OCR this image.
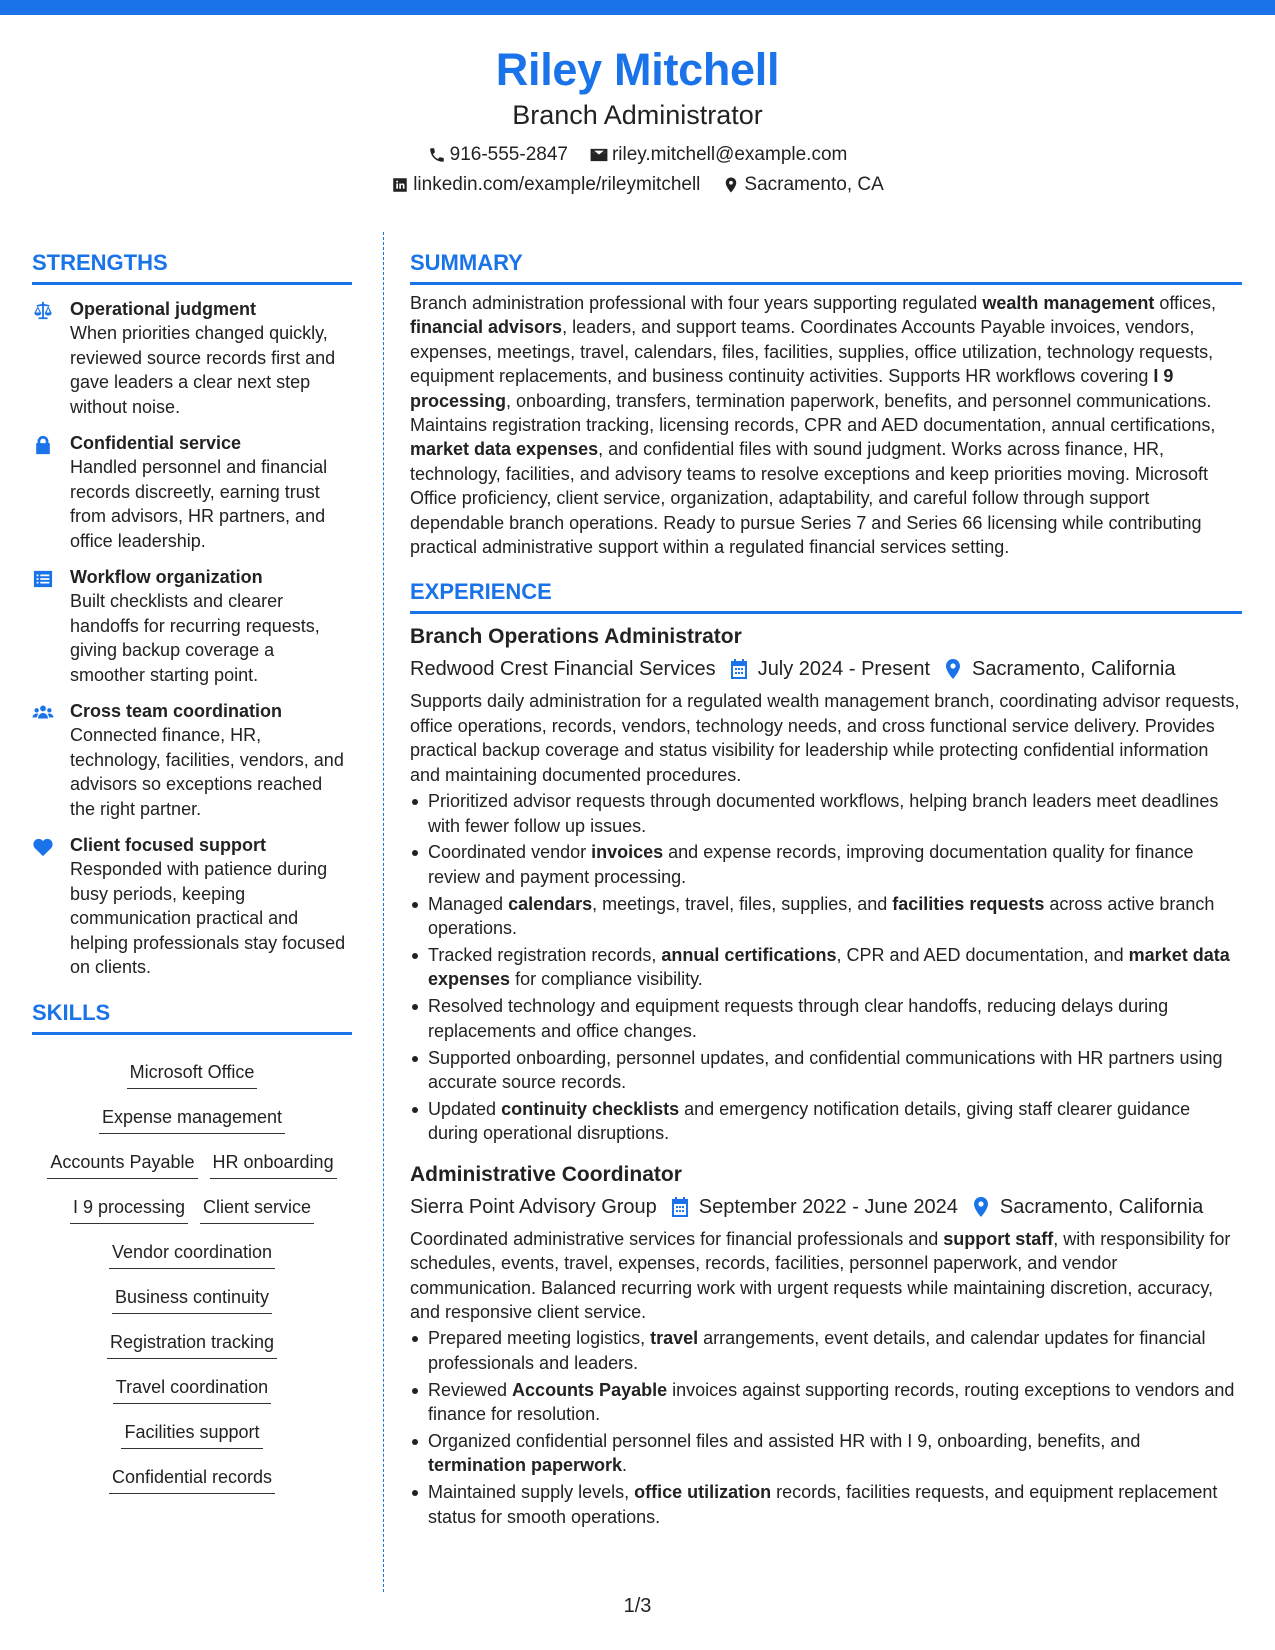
Riley Mitchell
Branch Administrator
916-555-2847 riley.mitchell@example.com
linkedin.com/example/rileymitchell Sacramento, CA
STRENGTHS
Operational judgment
When priorities changed quickly, reviewed source records first and gave leaders a clear next step without noise.
Confidential service
Handled personnel and financial records discreetly, earning trust from advisors, HR partners, and office leadership.
Workflow organization
Built checklists and clearer handoffs for recurring requests, giving backup coverage a smoother starting point.
Cross team coordination
Connected finance, HR, technology, facilities, vendors, and advisors so exceptions reached the right partner.
Client focused support
Responded with patience during busy periods, keeping communication practical and helping professionals stay focused on clients.
SKILLS
Microsoft Office
Expense management
Accounts Payable HR onboarding
I 9 processing Client service
Vendor coordination
Business continuity
Registration tracking
Travel coordination
Facilities support
Confidential records
SUMMARY

Branch administration professional with four years supporting regulated wealth management offices, financial advisors, leaders, and support teams. Coordinates Accounts Payable invoices, vendors, expenses, meetings, travel, calendars, files, facilities, supplies, office utilization, technology requests, equipment replacements, and business continuity activities. Supports HR workflows covering I 9 processing, onboarding, transfers, termination paperwork, benefits, and personnel communications. Maintains registration tracking, licensing records, CPR and AED documentation, annual certifications, market data expenses, and confidential files with sound judgment. Works across finance, HR, technology, facilities, and advisory teams to resolve exceptions and keep priorities moving. Microsoft Office proficiency, client service, organization, adaptability, and careful follow through support dependable branch operations. Ready to pursue Series 7 and Series 66 licensing while contributing practical administrative support within a regulated financial services setting.

EXPERIENCE
Branch Operations Administrator
Redwood Crest Financial Services July 2024 - Present Sacramento, California

Supports daily administration for a regulated wealth management branch, coordinating advisor requests, office operations, records, vendors, technology needs, and cross functional service delivery. Provides practical backup coverage and status visibility for leadership while protecting confidential information and maintaining documented procedures.

Prioritized advisor requests through documented workflows, helping branch leaders meet deadlines with fewer follow up issues.
Coordinated vendor invoices and expense records, improving documentation quality for finance review and payment processing.
Managed calendars, meetings, travel, files, supplies, and facilities requests across active branch operations.
Tracked registration records, annual certifications, CPR and AED documentation, and market data expenses for compliance visibility.
Resolved technology and equipment requests through clear handoffs, reducing delays during replacements and office changes.
Supported onboarding, personnel updates, and confidential communications with HR partners using accurate source records.
Updated continuity checklists and emergency notification details, giving staff clearer guidance during operational disruptions.
Administrative Coordinator
Sierra Point Advisory Group September 2022 - June 2024 Sacramento, California

Coordinated administrative services for financial professionals and support staff, with responsibility for schedules, events, travel, expenses, records, facilities, personnel paperwork, and vendor communication. Balanced recurring work with urgent requests while maintaining discretion, accuracy, and responsive client service.

Prepared meeting logistics, travel arrangements, event details, and calendar updates for financial professionals and leaders.
Reviewed Accounts Payable invoices against supporting records, routing exceptions to vendors and finance for resolution.
Organized confidential personnel files and assisted HR with I 9, onboarding, benefits, and termination paperwork.
Maintained supply levels, office utilization records, facilities requests, and equipment replacement status for smooth operations.
1/3
